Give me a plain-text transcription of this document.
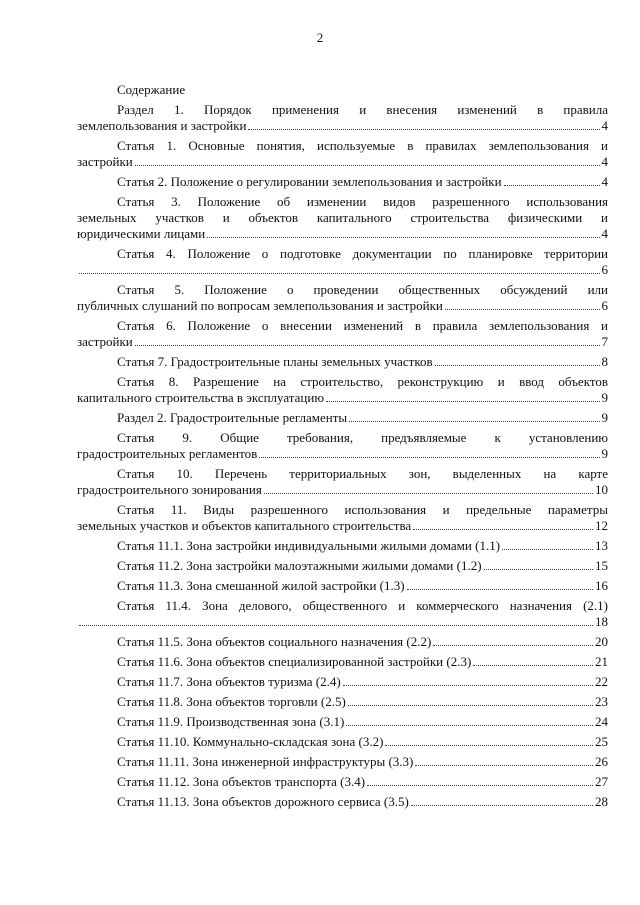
2
Содержание
Раздел 1. Порядок применения и внесения изменений в правила
землепользования и застройки	4
Статья 1. Основные понятия, используемые в правилах землепользования и
застройки	4
Статья 2. Положение о регулировании землепользования и застройки	4
Статья 3. Положение об изменении видов разрешенного использования
земельных участков и объектов капитального строительства физическими и
юридическими лицами	4
Статья 4. Положение о подготовке документации по планировке территории
6
Статья 5. Положение о проведении общественных обсуждений или
публичных слушаний по вопросам землепользования и застройки	6
Статья 6. Положение о внесении изменений в правила землепользования и
застройки	7
Статья 7. Градостроительные планы земельных участков	8
Статья 8. Разрешение на строительство, реконструкцию и ввод объектов
капитального строительства в эксплуатацию	9
Раздел 2. Градостроительные регламенты	9
Статья 9. Общие требования, предъявляемые к установлению
градостроительных регламентов	9
Статья 10. Перечень территориальных зон, выделенных на карте
градостроительного зонирования	10
Статья 11. Виды разрешенного использования и предельные параметры
земельных участков и объектов капитального строительства	12
Статья 11.1. Зона застройки индивидуальными жилыми домами (1.1)	13
Статья 11.2. Зона застройки малоэтажными жилыми домами (1.2)	15
Статья 11.3. Зона смешанной жилой застройки (1.3)	16
Статья 11.4. Зона делового, общественного и коммерческого назначения (2.1)
18
Статья 11.5. Зона объектов социального назначения (2.2)	20
Статья 11.6. Зона объектов специализированной застройки (2.3)	21
Статья 11.7. Зона объектов туризма (2.4)	22
Статья 11.8. Зона объектов торговли (2.5)	23
Статья 11.9. Производственная зона (3.1)	24
Статья 11.10. Коммунально-складская зона (3.2)	25
Статья 11.11. Зона инженерной инфраструктуры (3.3)	26
Статья 11.12. Зона объектов транспорта (3.4)	27
Статья 11.13. Зона объектов дорожного сервиса (3.5)	28
